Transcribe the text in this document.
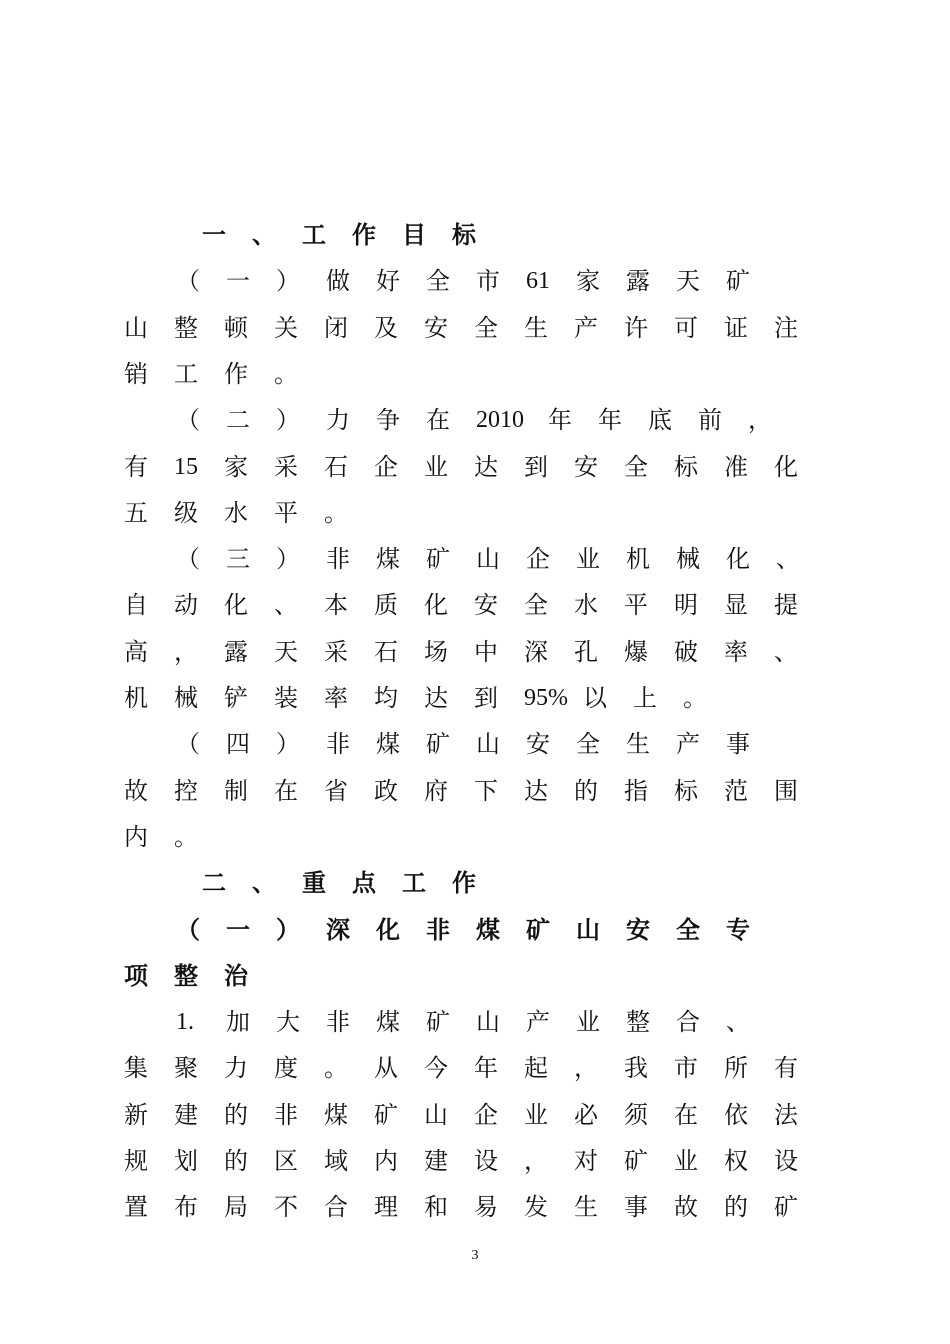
一	、	工	作	目	标
（	一	）	做	好	全	市	61	家	露	天	矿
山	整	顿	关	闭	及	安	全	生	产	许	可	证	注
销	工	作	。
（	二	）	力	争	在	2010	年	年	底	前	，
有	15	家	采	石	企	业	达	到	安	全	标	准	化
五	级	水	平	。
（	三	）	非	煤	矿	山	企	业	机	械	化	、
自	动	化	、	本	质	化	安	全	水	平	明	显	提
高	，	露	天	采	石	场	中	深	孔	爆	破	率	、
机	械	铲	装	率	均	达	到	95% 以	上	。
（	四	）	非	煤	矿	山	安	全	生	产	事
故	控	制	在	省	政	府	下	达	的	指	标	范	围
内	。
二	、	重	点	工	作
（	一	）	深	化	非	煤	矿	山	安	全	专
项	整	治
1.	加	大	非	煤	矿	山	产	业	整	合	、
集	聚	力	度	。	从	今	年	起	，	我	市	所	有
新	建	的	非	煤	矿	山	企	业	必	须	在	依	法
规	划	的	区	域	内	建	设	，	对	矿	业	权	设
置	布	局	不	合	理	和	易	发	生	事	故	的	矿
3
